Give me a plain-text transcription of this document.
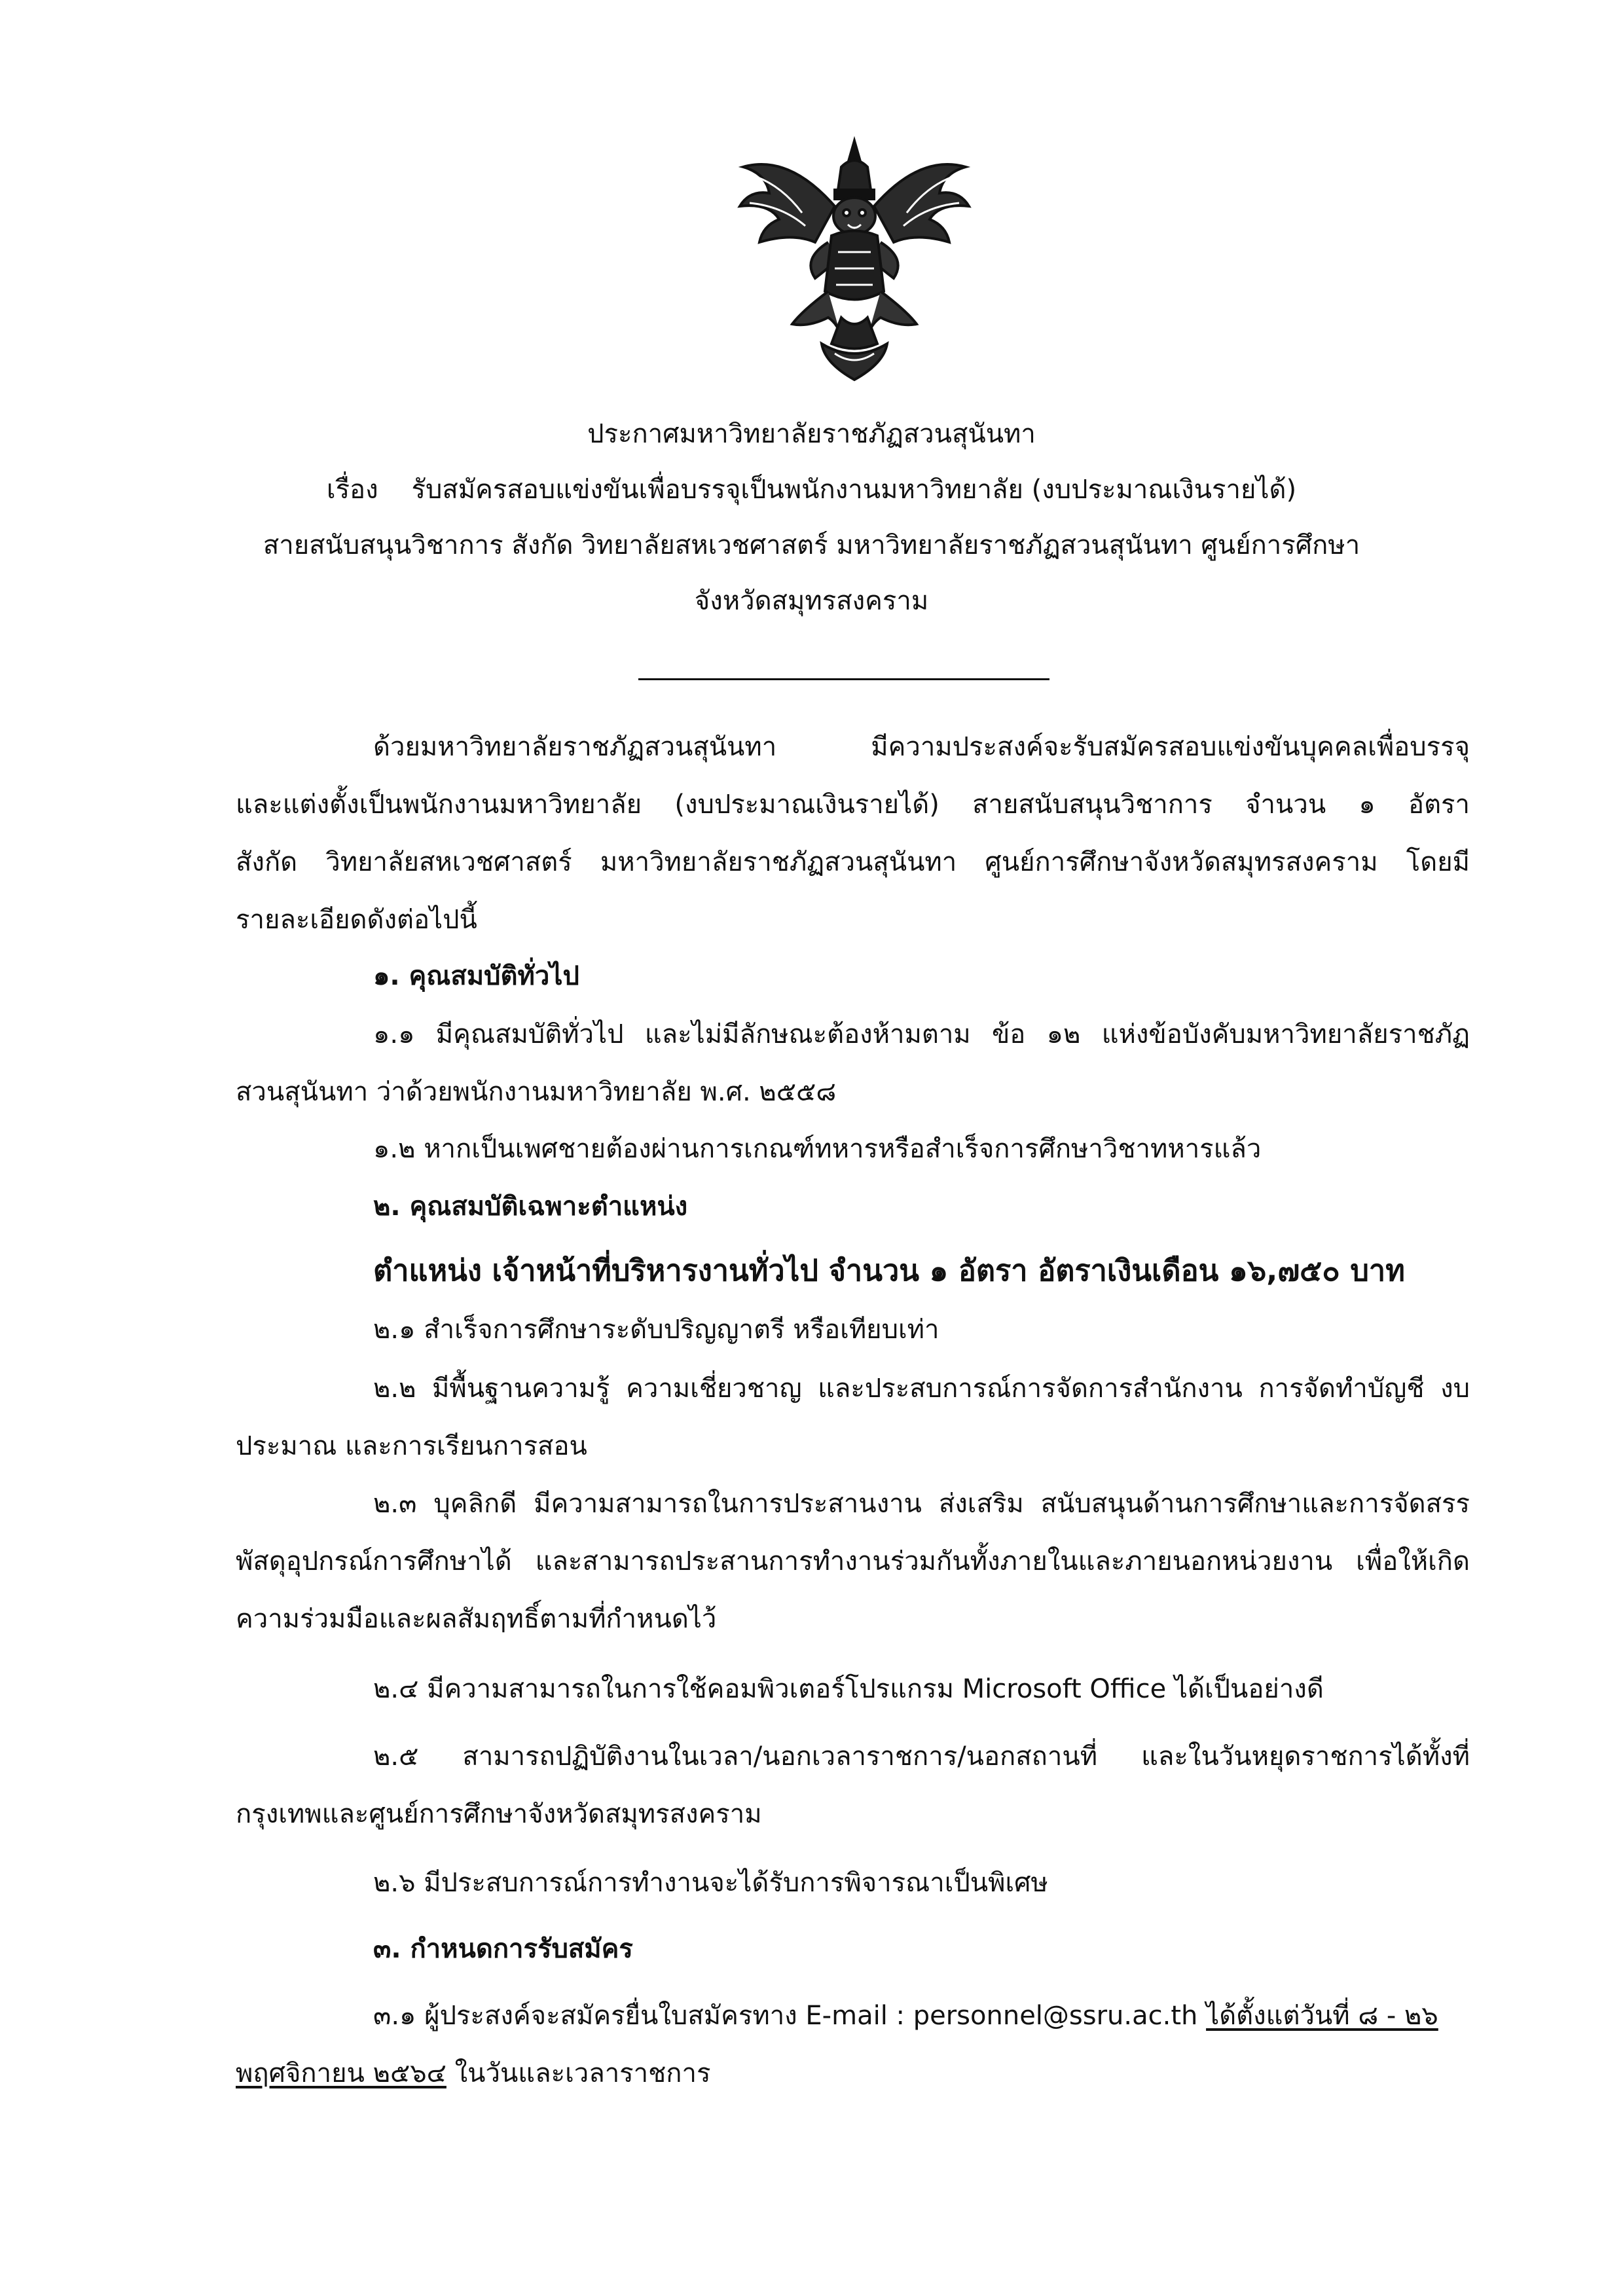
ประกาศมหาวิทยาลัยราชภัฏสวนสุนันทา
เรื่อง รับสมัครสอบแข่งขันเพื่อบรรจุเป็นพนักงานมหาวิทยาลัย (งบประมาณเงินรายได้)
สายสนับสนุนวิชาการ สังกัด วิทยาลัยสหเวชศาสตร์ มหาวิทยาลัยราชภัฏสวนสุนันทา ศูนย์การศึกษา
จังหวัดสมุทรสงคราม
ด้วยมหาวิทยาลัยราชภัฏสวนสุนันทา มีความประสงค์จะรับสมัครสอบแข่งขันบุคคลเพื่อบรรจุ
และแต่งตั้งเป็นพนักงานมหาวิทยาลัย (งบประมาณเงินรายได้) สายสนับสนุนวิชาการ จำนวน ๑ อัตรา
สังกัด วิทยาลัยสหเวชศาสตร์ มหาวิทยาลัยราชภัฏสวนสุนันทา ศูนย์การศึกษาจังหวัดสมุทรสงคราม โดยมี
รายละเอียดดังต่อไปนี้
๑. คุณสมบัติทั่วไป
๑.๑ มีคุณสมบัติทั่วไป และไม่มีลักษณะต้องห้ามตาม ข้อ ๑๒ แห่งข้อบังคับมหาวิทยาลัยราชภัฏ
สวนสุนันทา ว่าด้วยพนักงานมหาวิทยาลัย พ.ศ. ๒๕๕๘
๑.๒ หากเป็นเพศชายต้องผ่านการเกณฑ์ทหารหรือสำเร็จการศึกษาวิชาทหารแล้ว
๒. คุณสมบัติเฉพาะตำแหน่ง
ตำแหน่ง เจ้าหน้าที่บริหารงานทั่วไป จำนวน ๑ อัตรา อัตราเงินเดือน ๑๖,๗๕๐ บาท
๒.๑ สำเร็จการศึกษาระดับปริญญาตรี หรือเทียบเท่า
๒.๒ มีพื้นฐานความรู้ ความเชี่ยวชาญ และประสบการณ์การจัดการสำนักงาน การจัดทำบัญชี งบ
ประมาณ และการเรียนการสอน
๒.๓ บุคลิกดี มีความสามารถในการประสานงาน ส่งเสริม สนับสนุนด้านการศึกษาและการจัดสรร
พัสดุอุปกรณ์การศึกษาได้ และสามารถประสานการทำงานร่วมกันทั้งภายในและภายนอกหน่วยงาน เพื่อให้เกิด
ความร่วมมือและผลสัมฤทธิ์ตามที่กำหนดไว้
๒.๔ มีความสามารถในการใช้คอมพิวเตอร์โปรแกรม Microsoft Office ได้เป็นอย่างดี
๒.๕ สามารถปฏิบัติงานในเวลา/นอกเวลาราชการ/นอกสถานที่ และในวันหยุดราชการได้ทั้งที่
กรุงเทพและศูนย์การศึกษาจังหวัดสมุทรสงคราม
๒.๖ มีประสบการณ์การทำงานจะได้รับการพิจารณาเป็นพิเศษ
๓. กำหนดการรับสมัคร
๓.๑ ผู้ประสงค์จะสมัครยื่นใบสมัครทาง E-mail : personnel@ssru.ac.th ได้ตั้งแต่วันที่ ๘ - ๒๖
พฤศจิกายน ๒๕๖๔ ในวันและเวลาราชการ
